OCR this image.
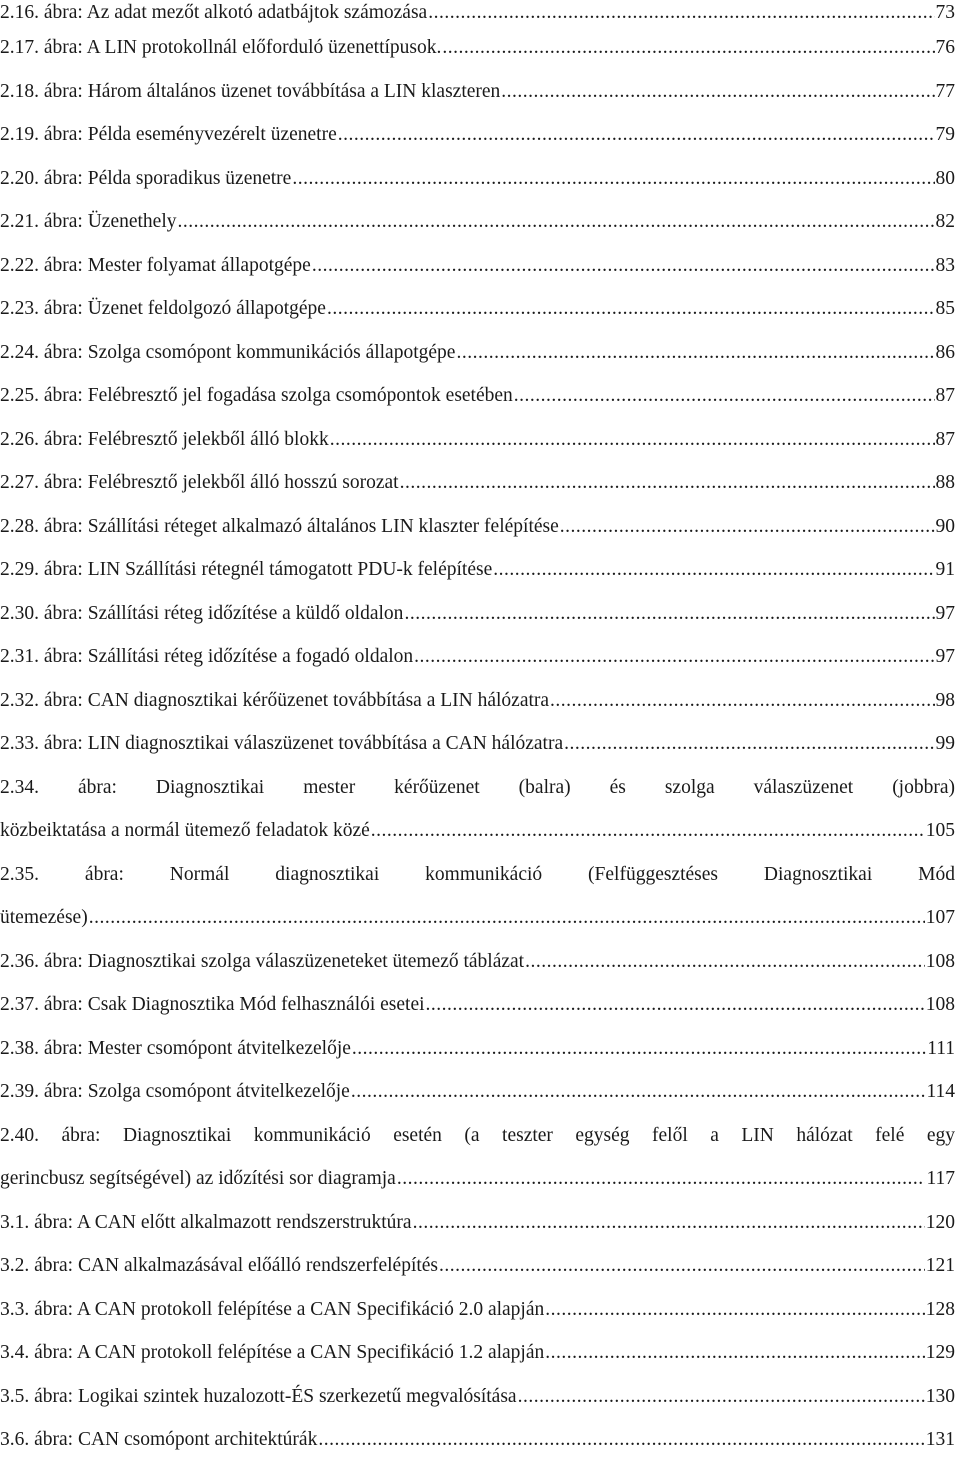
2.16. ábra: Az adat mezőt alkotó adatbájtok számozása .....	73
2.17. ábra: A LIN protokollnál előforduló üzenettípusok. .....	76
2.18. ábra: Három általános üzenet továbbítása a LIN klaszteren .....	77
2.19. ábra: Példa eseményvezérelt üzenetre .....	79
2.20. ábra: Példa sporadikus üzenetre .....	80
2.21. ábra: Üzenethely .....	82
2.22. ábra: Mester folyamat állapotgépe .....	83
2.23. ábra: Üzenet feldolgozó állapotgépe .....	85
2.24. ábra: Szolga csomópont kommunikációs állapotgépe .....	86
2.25. ábra: Felébresztő jel fogadása szolga csomópontok esetében .....	87
2.26. ábra: Felébresztő jelekből álló blokk .....	87
2.27. ábra: Felébresztő jelekből álló hosszú sorozat .....	88
2.28. ábra: Szállítási réteget alkalmazó általános LIN klaszter felépítése .....	90
2.29. ábra: LIN Szállítási rétegnél támogatott PDU-k felépítése .....	91
2.30. ábra: Szállítási réteg időzítése a küldő oldalon .....	97
2.31. ábra: Szállítási réteg időzítése a fogadó oldalon .....	97
2.32. ábra: CAN diagnosztikai kérőüzenet továbbítása a LIN hálózatra .....	98
2.33. ábra: LIN diagnosztikai válaszüzenet továbbítása a CAN hálózatra .....	99
2.34. ábra: Diagnosztikai mester kérőüzenet (balra) és szolga válaszüzenet (jobbra)
közbeiktatása a normál ütemező feladatok közé .....	105
2.35. ábra: Normál diagnosztikai kommunikáció (Felfüggesztéses Diagnosztikai Mód
ütemezése) .....	107
2.36. ábra: Diagnosztikai szolga válaszüzeneteket ütemező táblázat .....	108
2.37. ábra: Csak Diagnosztika Mód felhasználói esetei .....	108
2.38. ábra: Mester csomópont átvitelkezelője .....	111
2.39. ábra: Szolga csomópont átvitelkezelője .....	114
2.40. ábra: Diagnosztikai kommunikáció esetén (a teszter egység felől a LIN hálózat felé egy
gerincbusz segítségével) az időzítési sor diagramja .....	117
3.1. ábra: A CAN előtt alkalmazott rendszerstruktúra .....	120
3.2. ábra: CAN alkalmazásával előálló rendszerfelépítés .....	121
3.3. ábra: A CAN protokoll felépítése a CAN Specifikáció 2.0 alapján .....	128
3.4. ábra: A CAN protokoll felépítése a CAN Specifikáció 1.2 alapján .....	129
3.5. ábra: Logikai szintek huzalozott-ÉS szerkezetű megvalósítása .....	130
3.6. ábra: CAN csomópont architektúrák .....	131
